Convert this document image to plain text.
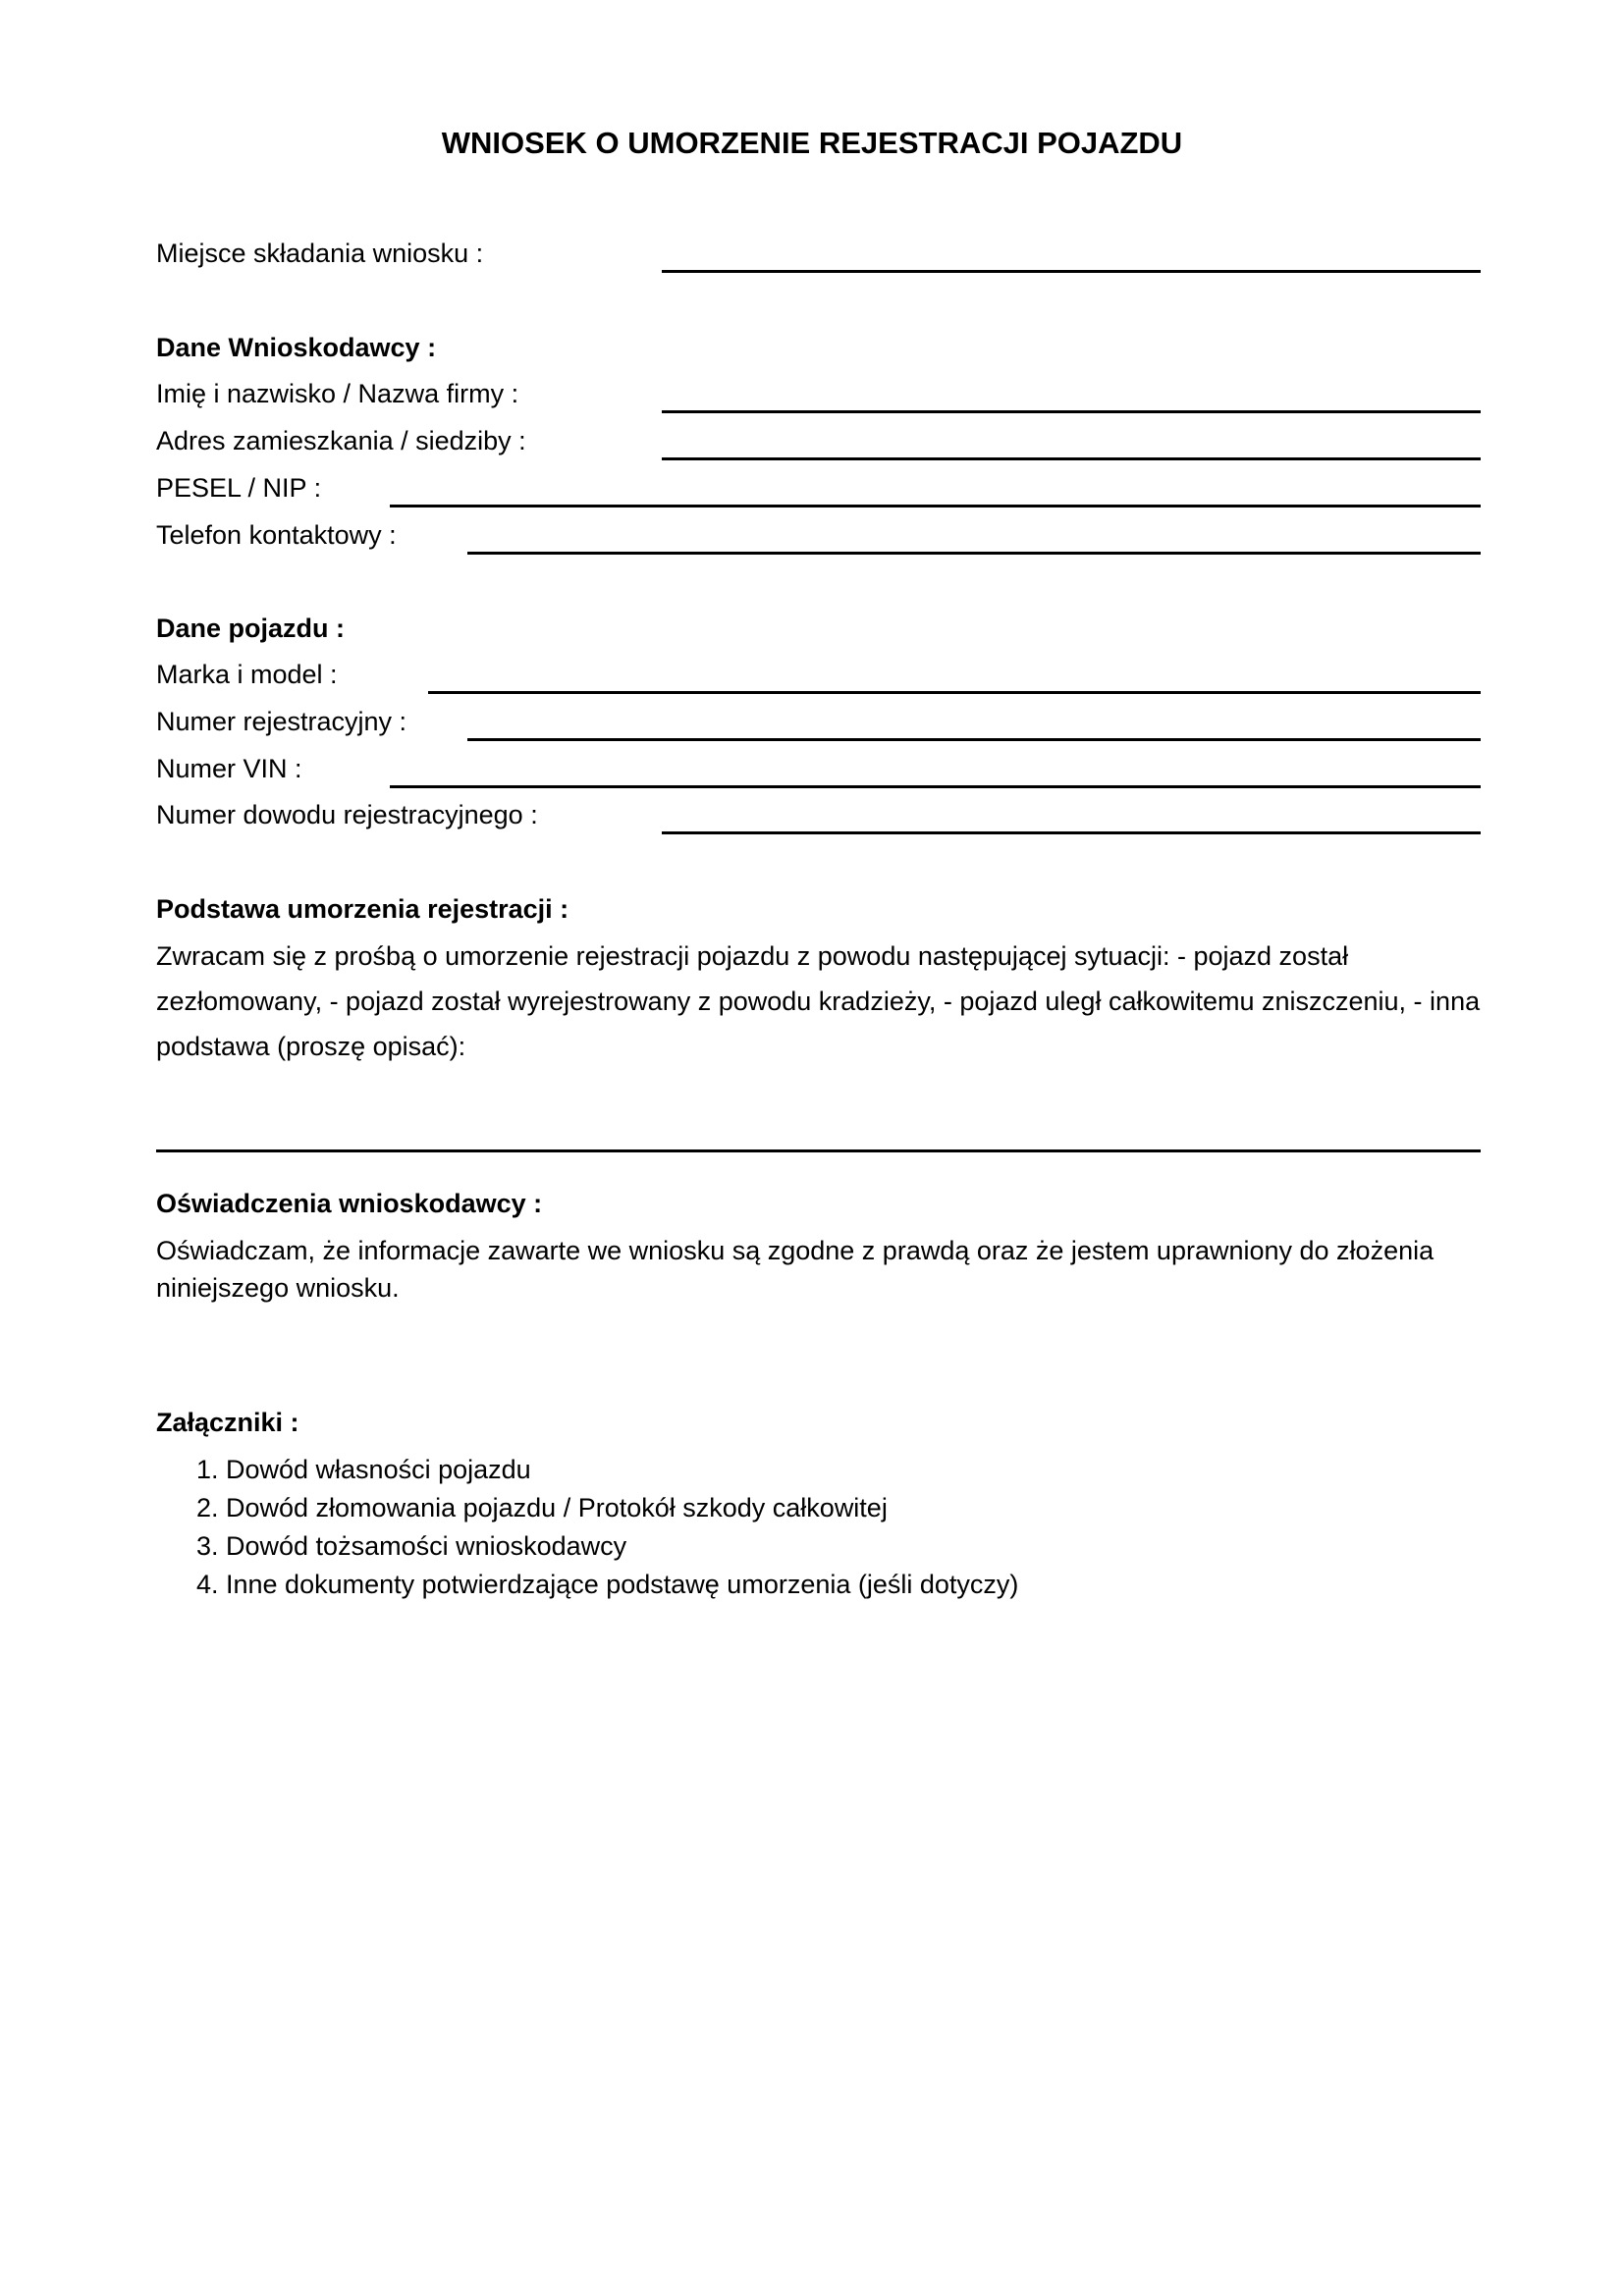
WNIOSEK O UMORZENIE REJESTRACJI POJAZDU
Miejsce składania wniosku :
Dane Wnioskodawcy :
Imię i nazwisko / Nazwa firmy :
Adres zamieszkania / siedziby :
PESEL / NIP :
Telefon kontaktowy :
Dane pojazdu :
Marka i model :
Numer rejestracyjny :
Numer VIN :
Numer dowodu rejestracyjnego :
Podstawa umorzenia rejestracji :
Zwracam się z prośbą o umorzenie rejestracji pojazdu z powodu następującej sytuacji: - pojazd został zezłomowany, - pojazd został wyrejestrowany z powodu kradzieży, - pojazd uległ całkowitemu zniszczeniu, - inna podstawa (proszę opisać):
Oświadczenia wnioskodawcy :
Oświadczam, że informacje zawarte we wniosku są zgodne z prawdą oraz że jestem uprawniony do złożenia niniejszego wniosku.
Załączniki :
1. Dowód własności pojazdu
2. Dowód złomowania pojazdu / Protokół szkody całkowitej
3. Dowód tożsamości wnioskodawcy
4. Inne dokumenty potwierdzające podstawę umorzenia (jeśli dotyczy)
